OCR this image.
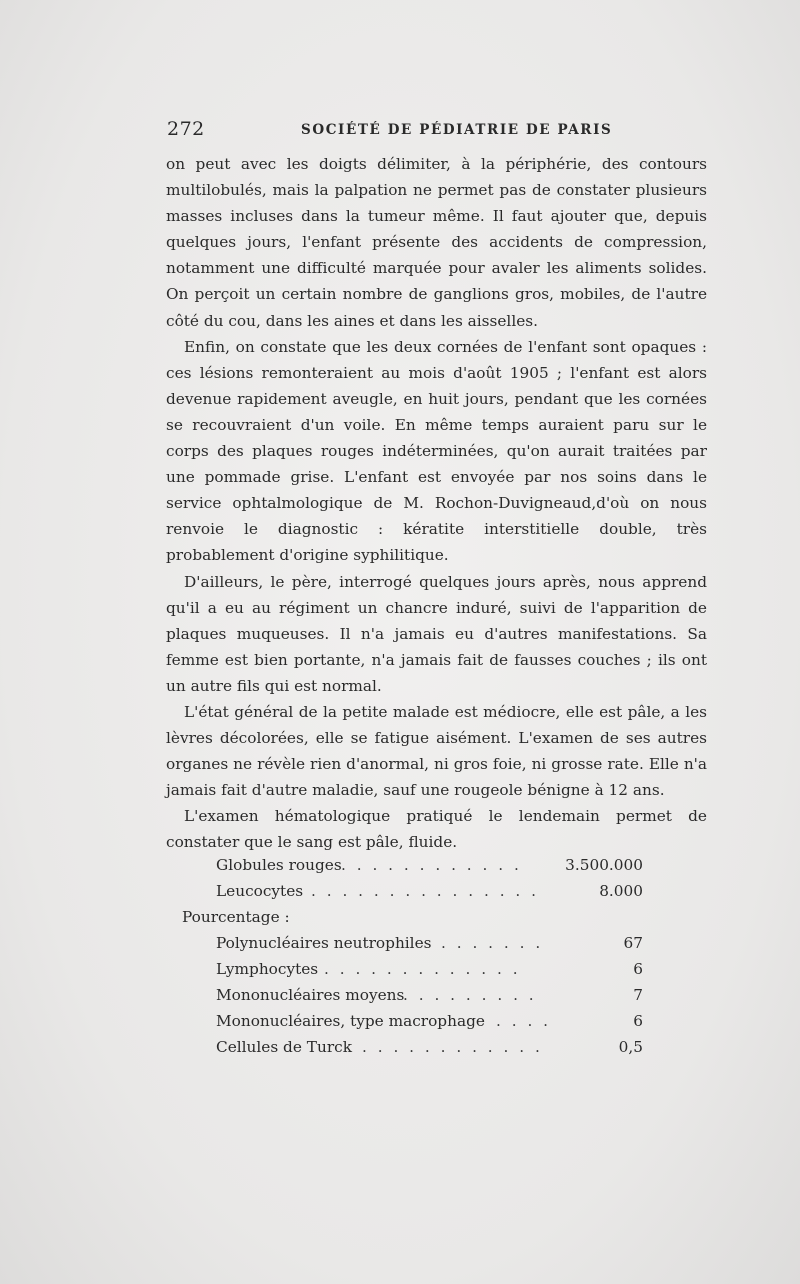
272	SOCIÉTÉ DE PÉDIATRIE DE PARIS

on peut avec les doigts délimiter, à la périphérie, des contours multilobulés, mais la palpation ne permet pas de constater plusieurs masses incluses dans la tumeur même. Il faut ajouter que, depuis quelques jours, l'enfant présente des accidents de compression, notamment une difficulté marquée pour avaler les aliments solides. On perçoit un certain nombre de ganglions gros, mobiles, de l'autre côté du cou, dans les aines et dans les aisselles.

Enfin, on constate que les deux cornées de l'enfant sont opaques : ces lésions remonteraient au mois d'août 1905 ; l'enfant est alors devenue rapidement aveugle, en huit jours, pendant que les cornées se recouvraient d'un voile. En même temps auraient paru sur le corps des plaques rouges indéterminées, qu'on aurait traitées par une pommade grise. L'enfant est envoyée par nos soins dans le service ophtalmologique de M. Rochon-Duvigneaud,d'où on nous renvoie le diagnostic : kératite interstitielle double, très probablement d'origine syphilitique.

D'ailleurs, le père, interrogé quelques jours après, nous apprend qu'il a eu au régiment un chancre induré, suivi de l'apparition de plaques muqueuses. Il n'a jamais eu d'autres manifestations. Sa femme est bien portante, n'a jamais fait de fausses couches ; ils ont un autre fils qui est normal.

L'état général de la petite malade est médiocre, elle est pâle, a les lèvres décolorées, elle se fatigue aisément. L'examen de ses autres organes ne révèle rien d'anormal, ni gros foie, ni grosse rate. Elle n'a jamais fait d'autre maladie, sauf une rougeole bénigne à 12 ans.

L'examen hématologique pratiqué le lendemain permet de constater que le sang est pâle, fluide.

Globules rouges . . . . . . . . . . . .	3.500.000
Leucocytes . . . . . . . . . . . . . . .	8.000
Pourcentage :
Polynucléaires neutrophiles . . . . . . .	67
Lymphocytes . . . . . . . . . . . . .	6
Mononucléaires moyens
. . . . . . . . .	7
Mononucléaires, type macrophage . . . .	6
Cellules de Turck . . . . . . . . . . . .	0,5
